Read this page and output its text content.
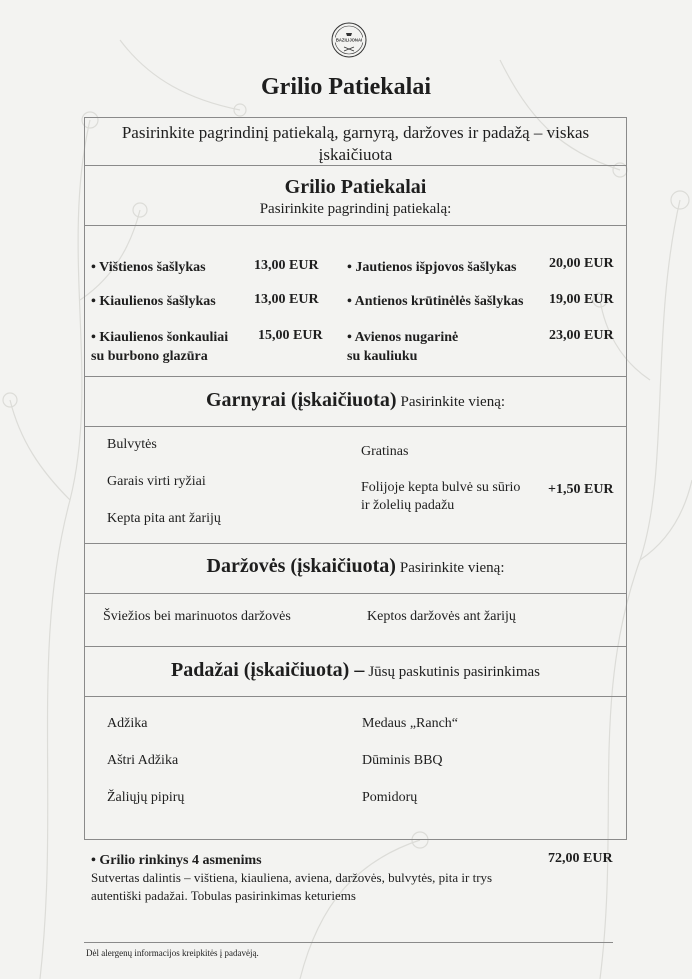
BAZILIJONAI
Grilio Patiekalai
Pasirinkite pagrindinį patiekalą, garnyrą, daržoves ir padažą – viskas įskaičiuota
Grilio Patiekalai
Pasirinkite pagrindinį patiekalą:
• Vištienos šašlykas	13,00 EUR
• Kiaulienos šašlykas	13,00 EUR
• Kiaulienos šonkauliai
su burbono glazūra
15,00 EUR
• Jautienos išpjovos šašlykas 20,00 EUR
• Antienos krūtinėlės šašlykas 19,00 EUR
• Avienos nugarinė
su kauliuku
23,00 EUR
Garnyrai (įskaičiuota) Pasirinkite vieną:
Bulvytės
Garais virti ryžiai
Kepta pita ant žarijų
Gratinas
Folijoje kepta bulvė su sūrio
ir žolelių padažu
+1,50 EUR
Daržovės (įskaičiuota) Pasirinkite vieną:
Šviežios bei marinuotos daržovės	Keptos daržovės ant žarijų
Padažai (įskaičiuota) – Jūsų paskutinis pasirinkimas
Adžika
Aštri Adžika
Žaliųjų pipirų
Medaus „Ranch“
Dūminis BBQ
Pomidorų
• Grilio rinkinys 4 asmenims	72,00 EUR
Sutvertas dalintis – vištiena, kiauliena, aviena, daržovės, bulvytės, pita ir trys
autentiški padažai. Tobulas pasirinkimas keturiems
Dėl alergenų informacijos kreipkitės į padavėją.
